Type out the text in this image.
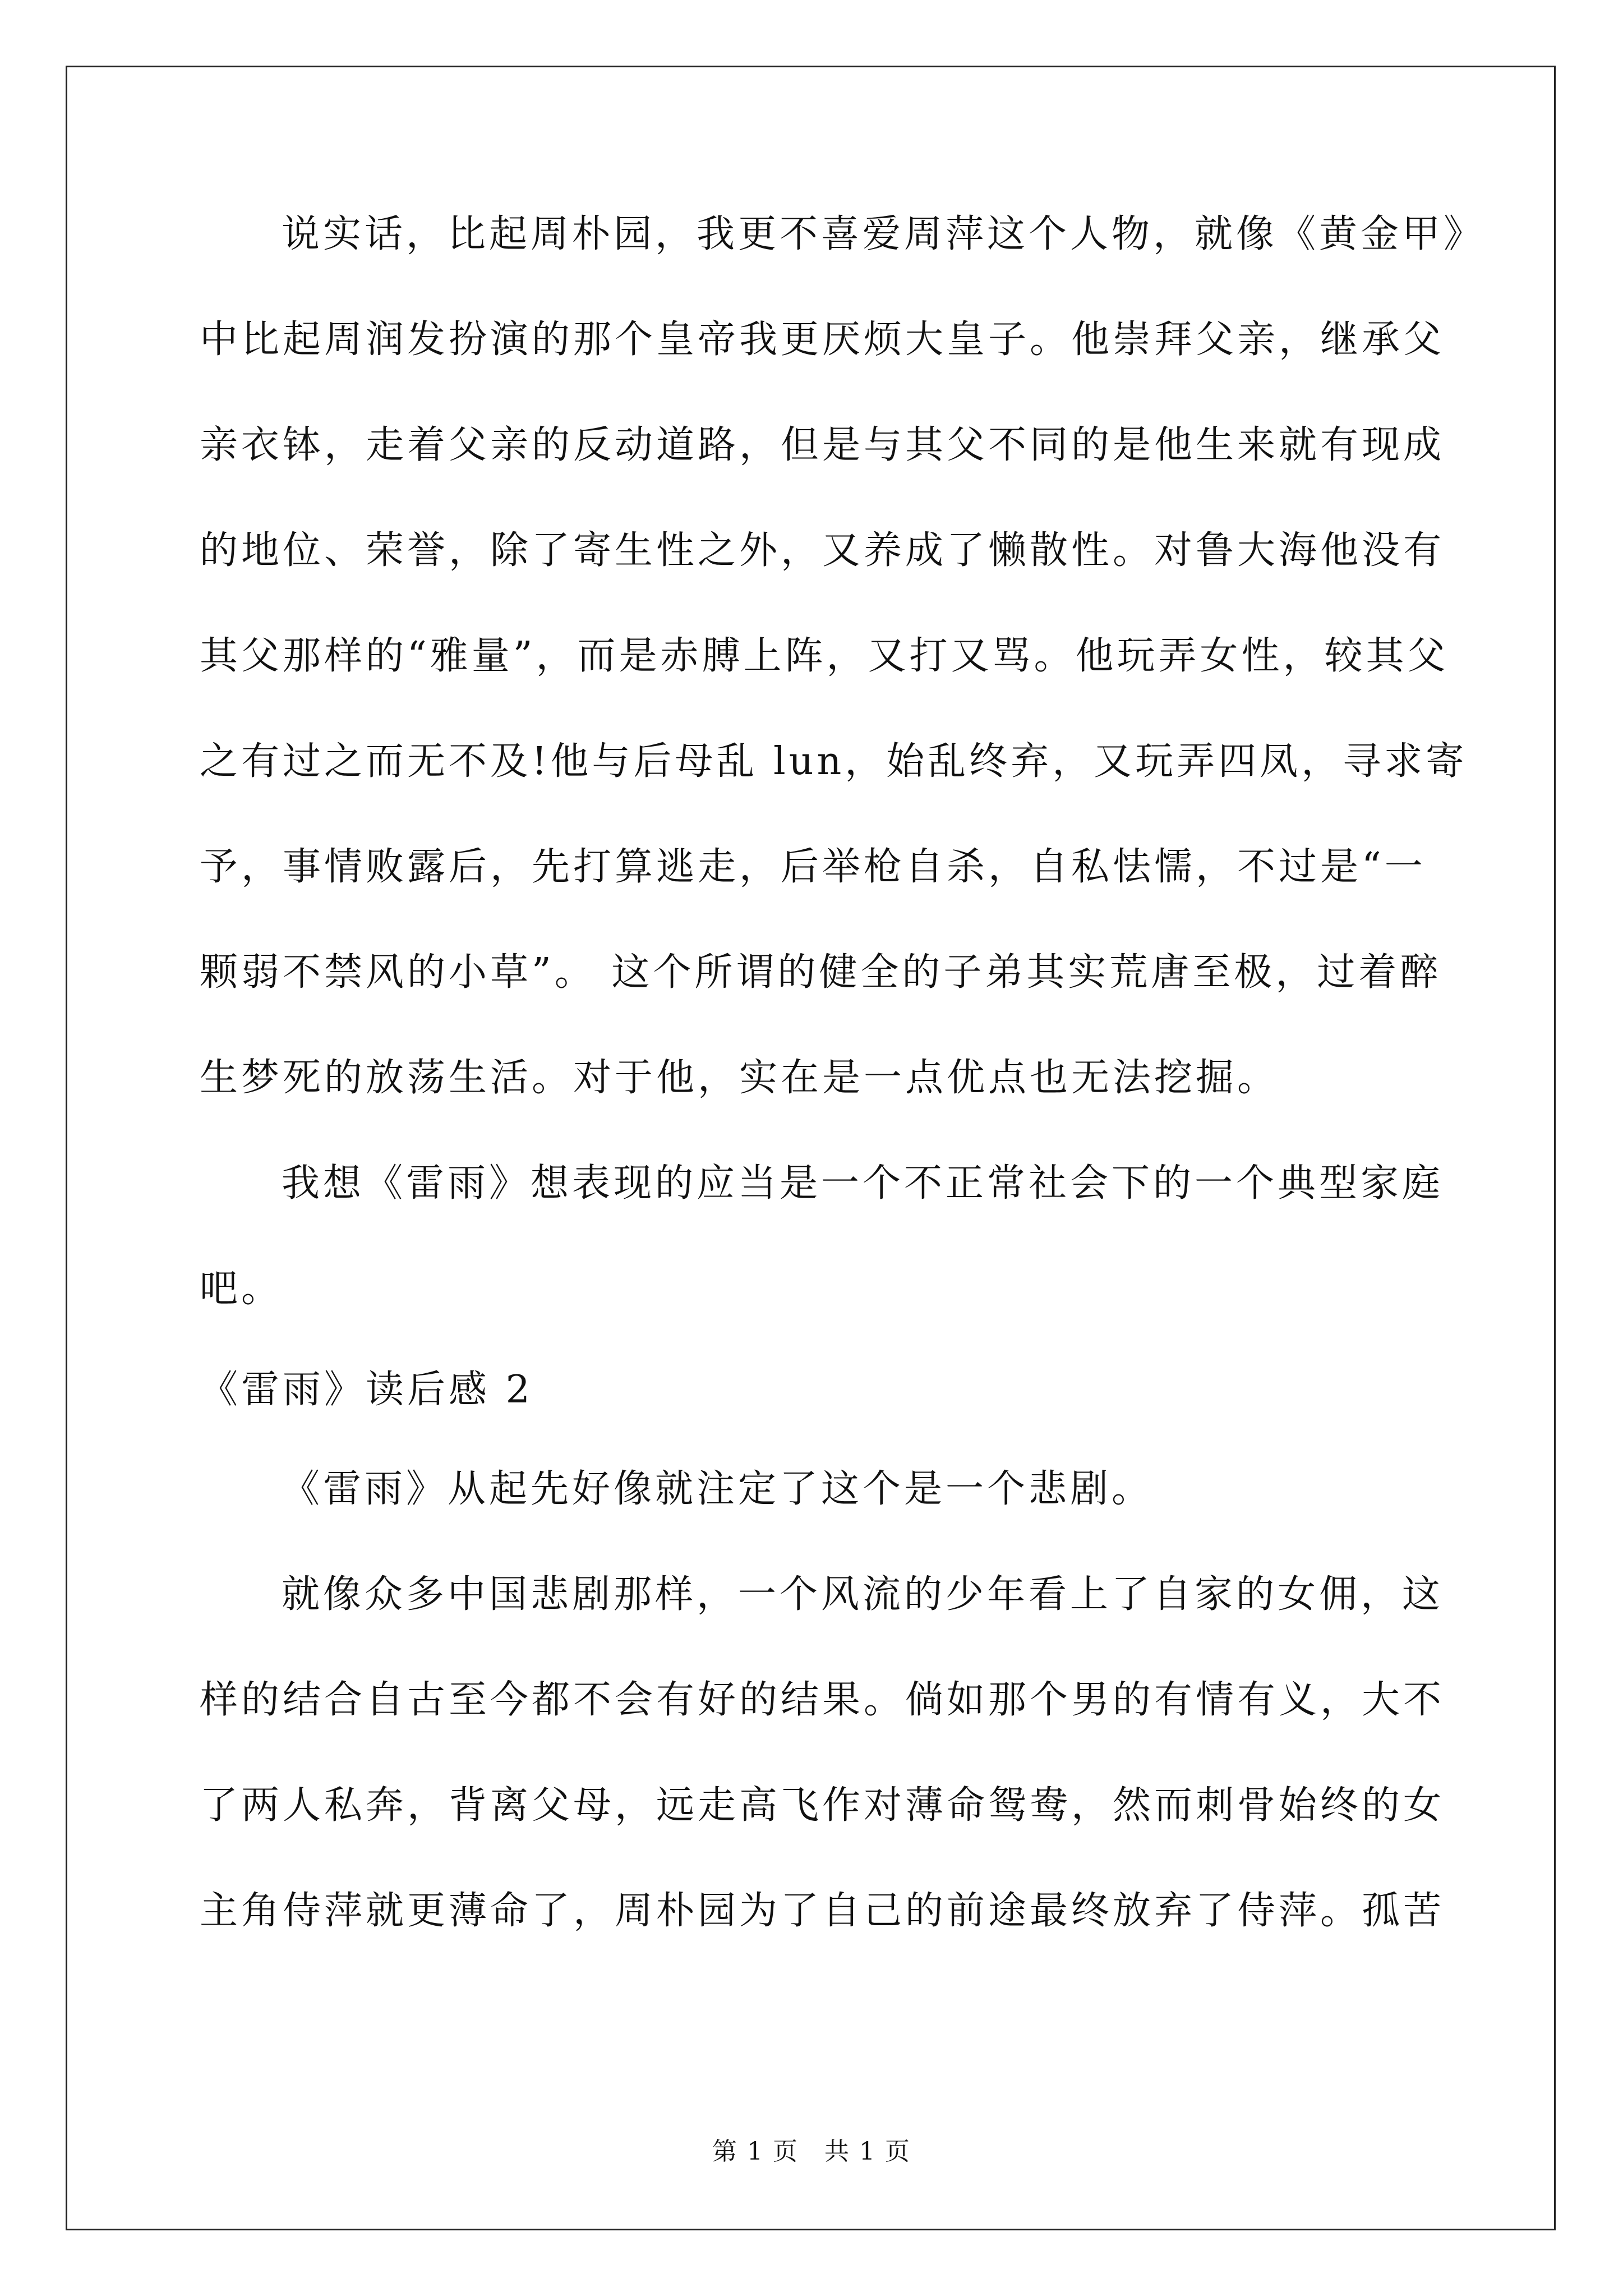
说实话，比起周朴园，我更不喜爱周萍这个人物，就像《黄金甲》
中比起周润发扮演的那个皇帝我更厌烦大皇子。他崇拜父亲，继承父
亲衣钵，走着父亲的反动道路，但是与其父不同的是他生来就有现成
的地位、荣誉，除了寄生性之外，又养成了懒散性。对鲁大海他没有
其父那样的“雅量”，而是赤膊上阵，又打又骂。他玩弄女性，较其父
之有过之而无不及!他与后母乱 lun，始乱终弃，又玩弄四凤，寻求寄
予，事情败露后，先打算逃走，后举枪自杀，自私怯懦，不过是“一
颗弱不禁风的小草”。 这个所谓的健全的子弟其实荒唐至极，过着醉
生梦死的放荡生活。对于他，实在是一点优点也无法挖掘。
我想《雷雨》想表现的应当是一个不正常社会下的一个典型家庭
吧。
《雷雨》读后感 2
《雷雨》从起先好像就注定了这个是一个悲剧。
就像众多中国悲剧那样，一个风流的少年看上了自家的女佣，这
样的结合自古至今都不会有好的结果。倘如那个男的有情有义，大不
了两人私奔，背离父母，远走高飞作对薄命鸳鸯，然而刺骨始终的女
主角侍萍就更薄命了，周朴园为了自己的前途最终放弃了侍萍。孤苦
第 1 页　共 1 页
